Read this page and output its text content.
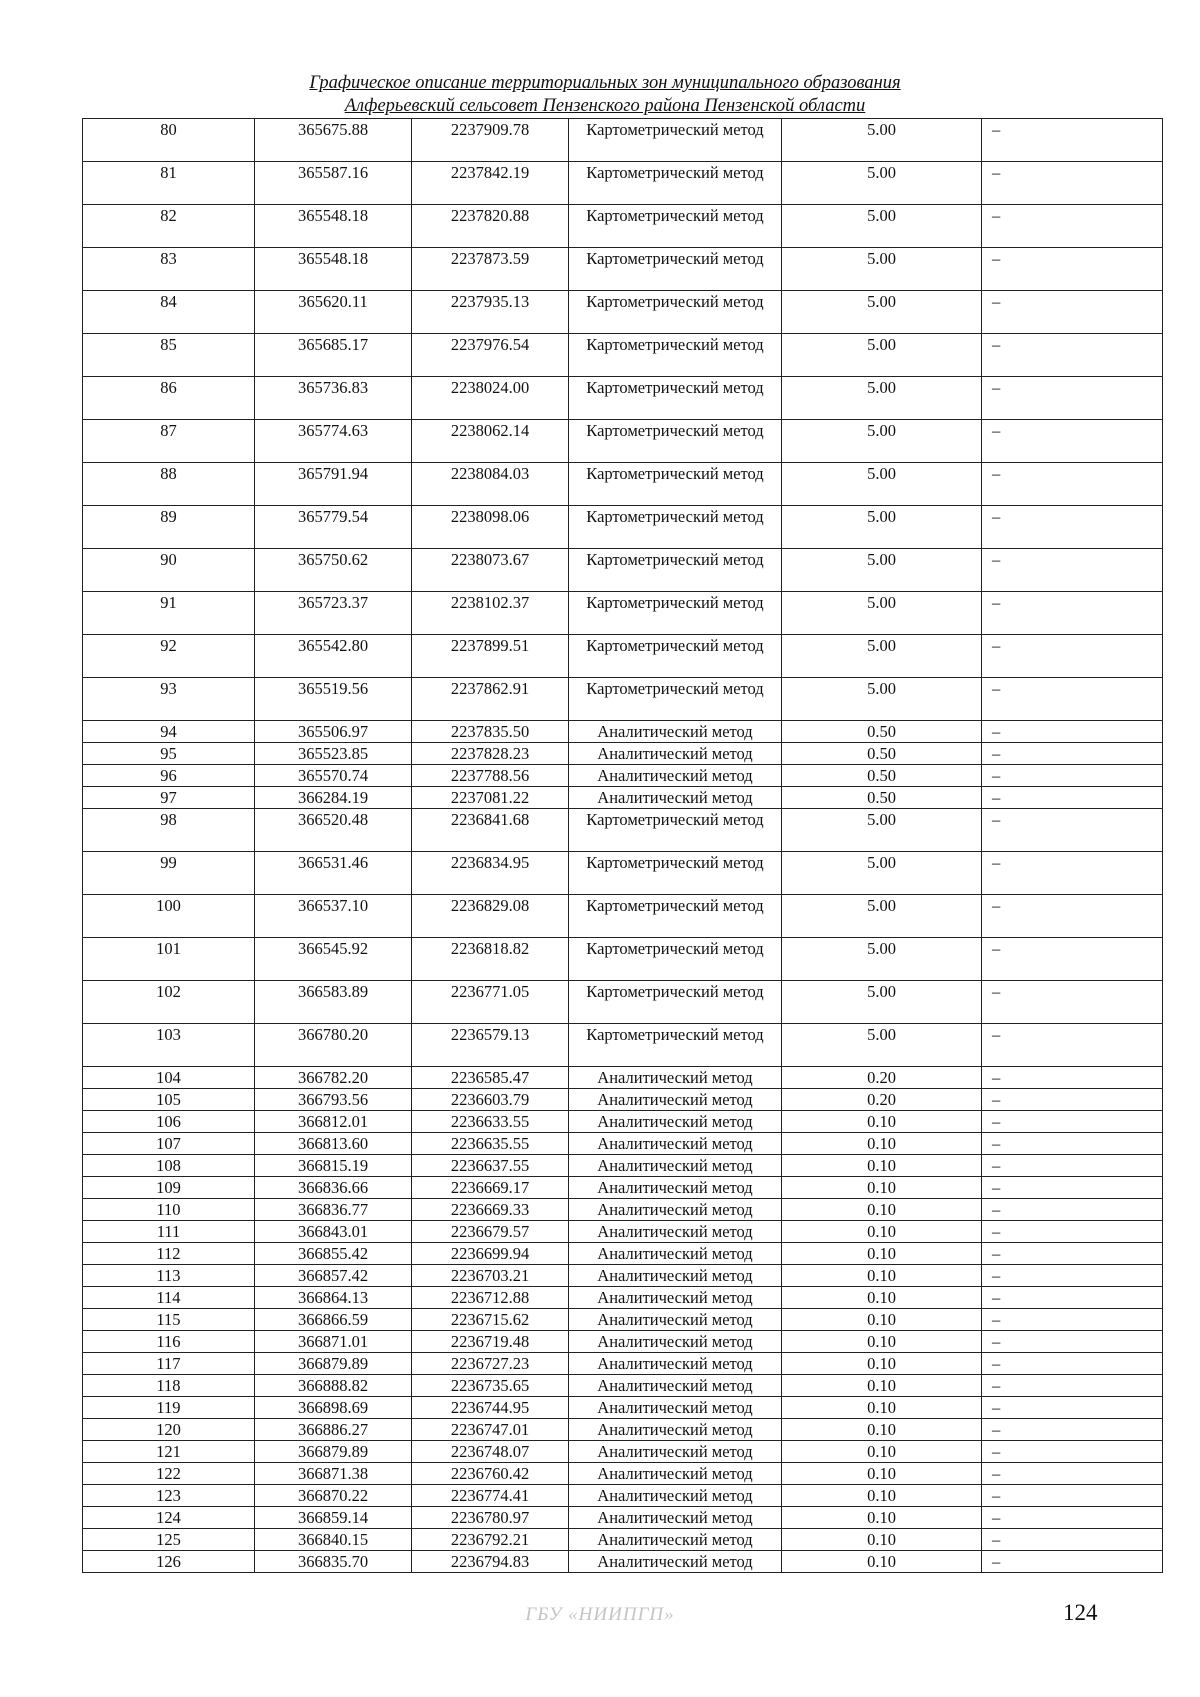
Графическое описание территориальных зон муниципального образования
Алферьевский сельсовет Пензенского района Пензенской области
80	365675.88	2237909.78	Картометрический метод	5.00	–
81	365587.16	2237842.19	Картометрический метод	5.00	–
82	365548.18	2237820.88	Картометрический метод	5.00	–
83	365548.18	2237873.59	Картометрический метод	5.00	–
84	365620.11	2237935.13	Картометрический метод	5.00	–
85	365685.17	2237976.54	Картометрический метод	5.00	–
86	365736.83	2238024.00	Картометрический метод	5.00	–
87	365774.63	2238062.14	Картометрический метод	5.00	–
88	365791.94	2238084.03	Картометрический метод	5.00	–
89	365779.54	2238098.06	Картометрический метод	5.00	–
90	365750.62	2238073.67	Картометрический метод	5.00	–
91	365723.37	2238102.37	Картометрический метод	5.00	–
92	365542.80	2237899.51	Картометрический метод	5.00	–
93	365519.56	2237862.91	Картометрический метод	5.00	–
94	365506.97	2237835.50	Аналитический метод	0.50	–
95	365523.85	2237828.23	Аналитический метод	0.50	–
96	365570.74	2237788.56	Аналитический метод	0.50	–
97	366284.19	2237081.22	Аналитический метод	0.50	–
98	366520.48	2236841.68	Картометрический метод	5.00	–
99	366531.46	2236834.95	Картометрический метод	5.00	–
100	366537.10	2236829.08	Картометрический метод	5.00	–
101	366545.92	2236818.82	Картометрический метод	5.00	–
102	366583.89	2236771.05	Картометрический метод	5.00	–
103	366780.20	2236579.13	Картометрический метод	5.00	–
104	366782.20	2236585.47	Аналитический метод	0.20	–
105	366793.56	2236603.79	Аналитический метод	0.20	–
106	366812.01	2236633.55	Аналитический метод	0.10	–
107	366813.60	2236635.55	Аналитический метод	0.10	–
108	366815.19	2236637.55	Аналитический метод	0.10	–
109	366836.66	2236669.17	Аналитический метод	0.10	–
110	366836.77	2236669.33	Аналитический метод	0.10	–
111	366843.01	2236679.57	Аналитический метод	0.10	–
112	366855.42	2236699.94	Аналитический метод	0.10	–
113	366857.42	2236703.21	Аналитический метод	0.10	–
114	366864.13	2236712.88	Аналитический метод	0.10	–
115	366866.59	2236715.62	Аналитический метод	0.10	–
116	366871.01	2236719.48	Аналитический метод	0.10	–
117	366879.89	2236727.23	Аналитический метод	0.10	–
118	366888.82	2236735.65	Аналитический метод	0.10	–
119	366898.69	2236744.95	Аналитический метод	0.10	–
120	366886.27	2236747.01	Аналитический метод	0.10	–
121	366879.89	2236748.07	Аналитический метод	0.10	–
122	366871.38	2236760.42	Аналитический метод	0.10	–
123	366870.22	2236774.41	Аналитический метод	0.10	–
124	366859.14	2236780.97	Аналитический метод	0.10	–
125	366840.15	2236792.21	Аналитический метод	0.10	–
126	366835.70	2236794.83	Аналитический метод	0.10	–
ГБУ «НИИПГП»	124
